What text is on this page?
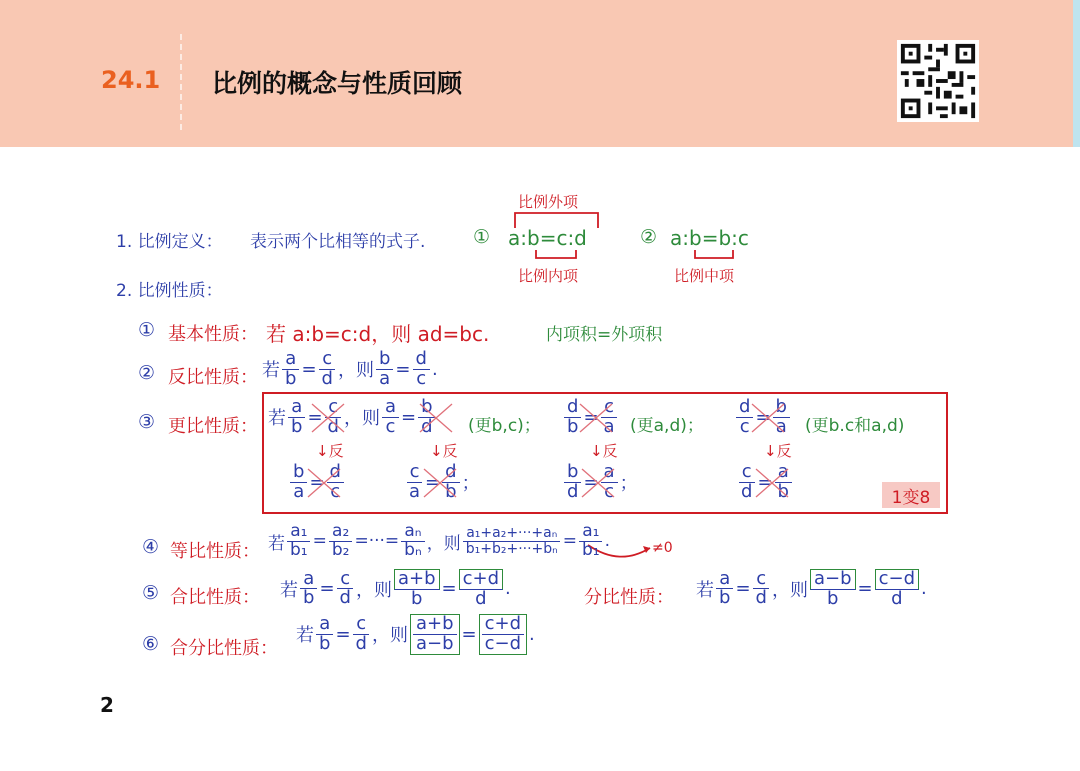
24.1 比例的概念与性质回顾
1. 比例定义： 表示两个比相等的式子.	① a:b=c:d	② a:b=b:c
比例外项
比例内项	比例中项
2. 比例性质：
① 基本性质： 若 a:b=c:d，则 ad=bc.	内项积=外项积
② 反比性质： 若 $\frac{a}{b} = \frac{c}{d}$ ，则 $\frac{b}{a} = \frac{d}{c}$ .
③ 更比性质： 若 $\frac{a}{b} = \frac{c}{d}$ ，则 $\frac{a}{c} = \frac{b}{d}$ (更b,c)； $\frac{d}{b} = \frac{c}{a}$ (更a,d)； $\frac{d}{c} = \frac{b}{a}$ (更b.c和a,d)
↓反	↓反	↓反	↓反
$\frac{b}{a} = \frac{d}{c}$	$\frac{c}{a} = \frac{d}{b}$ ；	$\frac{b}{d} = \frac{a}{c}$ ；	$\frac{c}{d} = \frac{a}{b}$	1变8
④ 等比性质： 若 $\frac{\text{a₁}}{\text{b₁}} = \frac{\text{a₂}}{\text{b₂}}$ =···= $\frac{\text{aₙ}}{\text{bₙ}}$ ，则 $\frac{\text{a₁+a₂+···+aₙ}}{\text{b₁+b₂+···+bₙ}} = \frac{\text{a₁}}{\text{b₁}}$ .	≠0
⑤ 合比性质： 若 $\frac{a}{b} = \frac{c}{d}$ ，则 $\frac{a+b}{b} = \frac{c+d}{d}$ .	分比性质： 若 $\frac{a}{b} = \frac{c}{d}$ ，则 $\frac{a-b}{b} = \frac{c-d}{d}$ .
⑥ 合分比性质：
若 $\frac{a}{b} = \frac{c}{d}$ ，则 $\frac{a+b}{a-b} = \frac{c+d}{c-d}$ .
2
